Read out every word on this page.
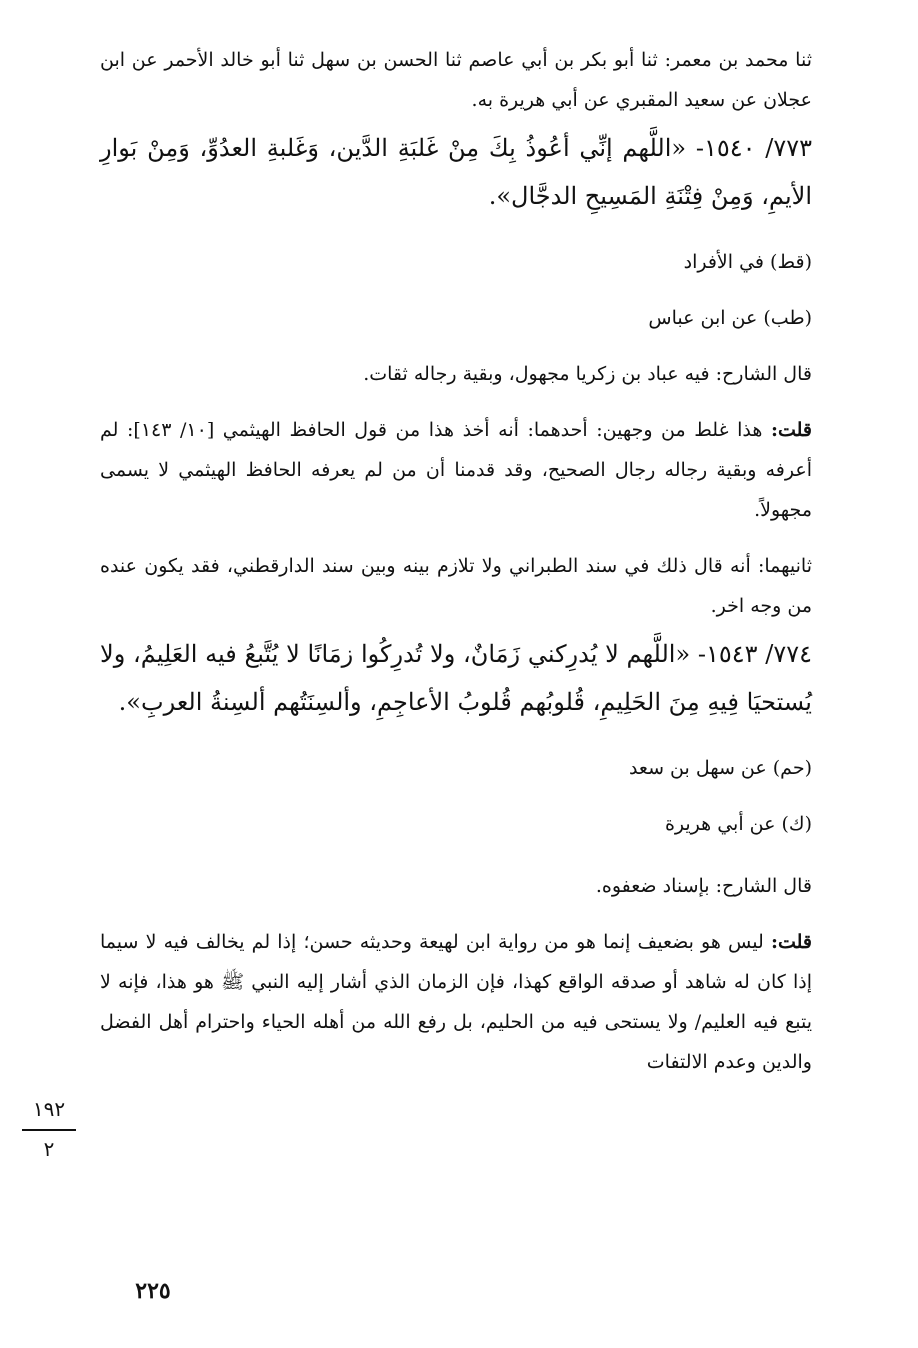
ثنا محمد بن معمر: ثنا أبو بكر بن أبي عاصم ثنا الحسن بن سهل ثنا أبو خالد الأحمر عن ابن عجلان عن سعيد المقبري عن أبي هريرة به.

٧٧٣/ ١٥٤٠- «اللَّهم إنِّي أعُوذُ بِكَ مِنْ غَلبَةِ الدَّين، وَغَلبةِ العدُوِّ، وَمِنْ بَوارِ الأيمِ، وَمِنْ فِتْنَةِ المَسِيحِ الدجَّال».

(قط) في الأفراد

(طب) عن ابن عباس

قال الشارح: فيه عباد بن زكريا مجهول، وبقية رجاله ثقات.

قلت: هذا غلط من وجهين: أحدهما: أنه أخذ هذا من قول الحافظ الهيثمي [١٠/ ١٤٣]: لم أعرفه وبقية رجاله رجال الصحيح، وقد قدمنا أن من لم يعرفه الحافظ الهيثمي لا يسمى مجهولاً.

ثانيهما: أنه قال ذلك في سند الطبراني ولا تلازم بينه وبين سند الدارقطني، فقد يكون عنده من وجه اخر.

٧٧٤/ ١٥٤٣- «اللَّهم لا يُدرِكني زَمَانٌ، ولا تُدرِكُوا زمَانًا لا يُتَّبعُ فيه العَلِيمُ، ولا يُستحيَا فِيهِ مِنَ الحَلِيمِ، قُلوبُهم قُلوبُ الأعاجِمِ، وألسِنَتُهم ألسِنةُ العربِ».

(حم) عن سهل بن سعد

(ك) عن أبي هريرة

قال الشارح: بإسناد ضعفوه.

قلت: ليس هو بضعيف إنما هو من رواية ابن لهيعة وحديثه حسن؛ إذا لم يخالف فيه لا سيما إذا كان له شاهد أو صدقه الواقع كهذا، فإن الزمان الذي أشار إليه النبي ﷺ هو هذا، فإنه لا يتبع فيه العليم/ ولا يستحى فيه من الحليم، بل رفع الله من أهله الحياء واحترام أهل الفضل والدين وعدم الالتفات

١٩٢
٢
٢٢٥
